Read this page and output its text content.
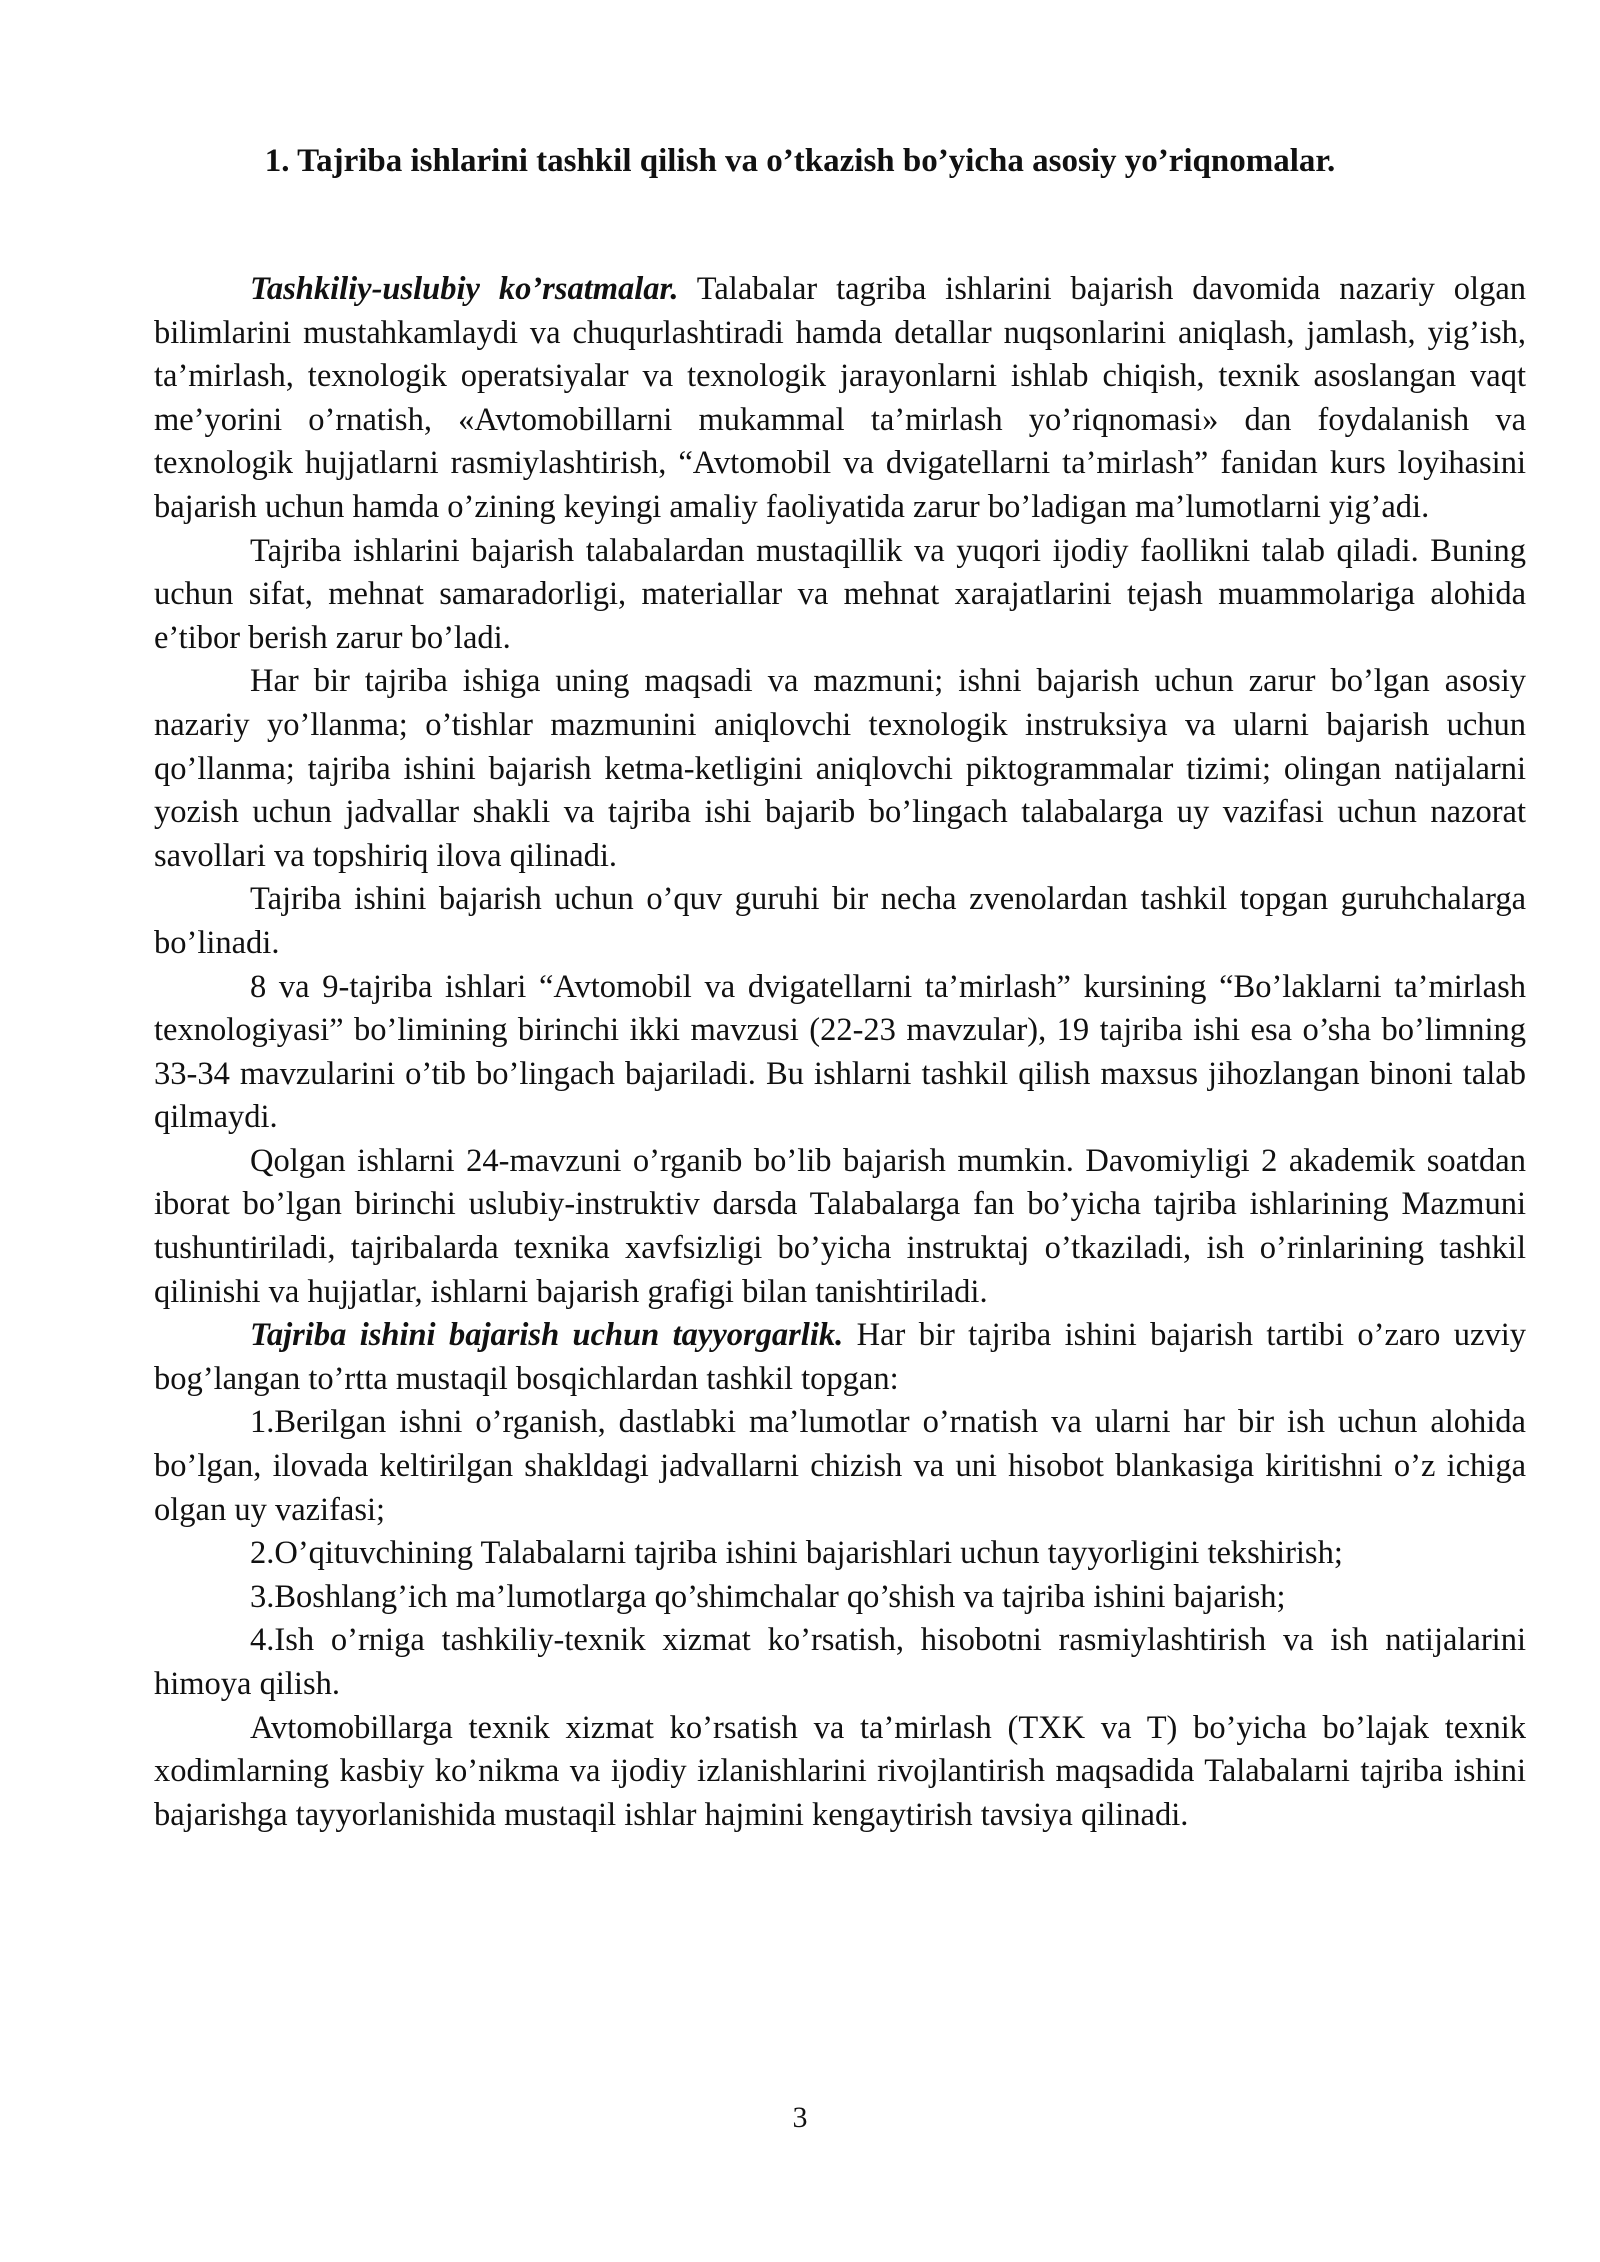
1. Tajriba ishlarini tashkil qilish va o’tkazish bo’yicha asosiy yo’riqnomalar.

Tashkiliy-uslubiy ko’rsatmalar. Talabalar tagriba ishlarini bajarish davomida nazariy olgan bilimlarini mustahkamlaydi va chuqurlashtiradi hamda detallar nuqsonlarini aniqlash, jamlash, yig’ish, ta’mirlash, texnologik operatsiyalar va texnologik jarayonlarni ishlab chiqish, texnik asoslangan vaqt me’yorini o’rnatish, «Avtomobillarni mukammal ta’mirlash yo’riqnomasi» dan foydalanish va texnologik hujjatlarni rasmiylashtirish, “Avtomobil va dvigatellarni ta’mirlash” fanidan kurs loyihasini bajarish uchun hamda o’zining keyingi amaliy faoliyatida zarur bo’ladigan ma’lumotlarni yig’adi.

Tajriba ishlarini bajarish talabalardan mustaqillik va yuqori ijodiy faollikni talab qiladi. Buning uchun sifat, mehnat samaradorligi, materiallar va mehnat xarajatlarini tejash muammolariga alohida e’tibor berish zarur bo’ladi.

Har bir tajriba ishiga uning maqsadi va mazmuni; ishni bajarish uchun zarur bo’lgan asosiy nazariy yo’llanma; o’tishlar mazmunini aniqlovchi texnologik instruksiya va ularni bajarish uchun qo’llanma; tajriba ishini bajarish ketma-ketligini aniqlovchi piktogrammalar tizimi; olingan natijalarni yozish uchun jadvallar shakli va tajriba ishi bajarib bo’lingach talabalarga uy vazifasi uchun nazorat savollari va topshiriq ilova qilinadi.

Tajriba ishini bajarish uchun o’quv guruhi bir necha zvenolardan tashkil topgan guruhchalarga bo’linadi.

8 va 9-tajriba ishlari “Avtomobil va dvigatellarni ta’mirlash” kursining “Bo’laklarni ta’mirlash texnologiyasi” bo’limining birinchi ikki mavzusi (22-23 mavzular), 19 tajriba ishi esa o’sha bo’limning 33-34 mavzularini o’tib bo’lingach bajariladi. Bu ishlarni tashkil qilish maxsus jihozlangan binoni talab qilmaydi.

Qolgan ishlarni 24-mavzuni o’rganib bo’lib bajarish mumkin. Davomiyligi 2 akademik soatdan iborat bo’lgan birinchi uslubiy-instruktiv darsda Talabalarga fan bo’yicha tajriba ishlarining Mazmuni tushuntiriladi, tajribalarda texnika xavfsizligi bo’yicha instruktaj o’tkaziladi, ish o’rinlarining tashkil qilinishi va hujjatlar, ishlarni bajarish grafigi bilan tanishtiriladi.

Tajriba ishini bajarish uchun tayyorgarlik. Har bir tajriba ishini bajarish tartibi o’zaro uzviy bog’langan to’rtta mustaqil bosqichlardan tashkil topgan:

1.Berilgan ishni o’rganish, dastlabki ma’lumotlar o’rnatish va ularni har bir ish uchun alohida bo’lgan, ilovada keltirilgan shakldagi jadvallarni chizish va uni hisobot blankasiga kiritishni o’z ichiga olgan uy vazifasi;

2.O’qituvchining Talabalarni tajriba ishini bajarishlari uchun tayyorligini tekshirish;

3.Boshlang’ich ma’lumotlarga qo’shimchalar qo’shish va tajriba ishini bajarish;

4.Ish o’rniga tashkiliy-texnik xizmat ko’rsatish, hisobotni rasmiylashtirish va ish natijalarini himoya qilish.

Avtomobillarga texnik xizmat ko’rsatish va ta’mirlash (TXK va T) bo’yicha bo’lajak texnik xodimlarning kasbiy ko’nikma va ijodiy izlanishlarini rivojlantirish maqsadida Talabalarni tajriba ishini bajarishga tayyorlanishida mustaqil ishlar hajmini kengaytirish tavsiya qilinadi.

3
